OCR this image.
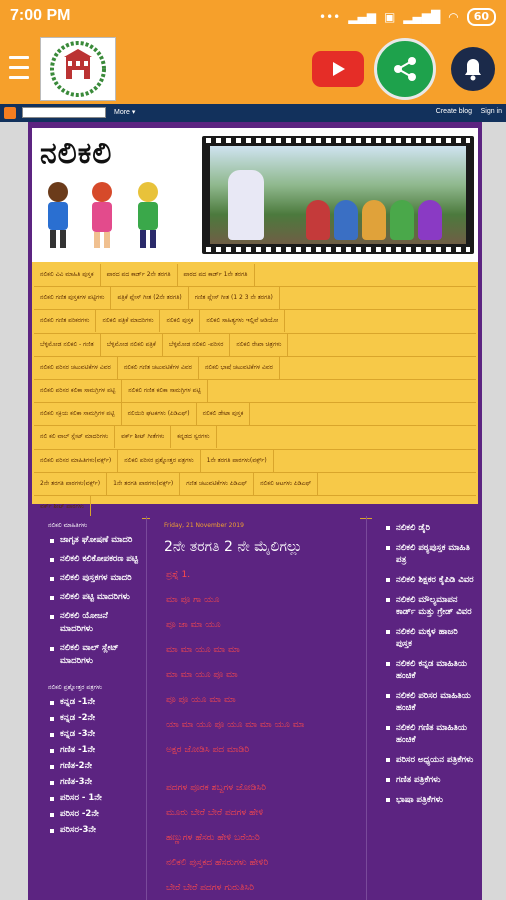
7:00 PM	••• ▂▄▆ ▣ ▂▄▆█ ◠	60
More ▾	Create blog Sign in
ನಲಿಕಲಿ
ನಲಿಕಲಿ ವಿವಿ ಮಾಹಿತಿ ಪುಸ್ತಕ	ಪಾಠದ ಪದ ಕಾರ್ಡ್ 2ನೇ ತರಗತಿ	ಪಾಠದ ಪದ ಕಾರ್ಡ್ 1ನೇ ತರಗತಿ
ನಲಿಕಲಿ ಗಣಿತ ಪುಸ್ತಕಗಳ ಪಟ್ಟಿಗಳು	ಪತ್ರಿಕೆ ಪ್ಲೇಸ್ ಗೀತ (2ನೇ ತರಗತಿ)	ಗಣಿತ ಪ್ಲೇಸ್ ಗೀತ (1 2 3 ನೇ ತರಗತಿ)
ನಲಿಕಲಿ ಗಣಿತ ಪರಿಕರಗಳು	ನಲಿಕಲಿ ಪತ್ರಿಕೆ ಮಾದರಿಗಳು	ನಲಿಕಲಿ ಪುಸ್ತಕ	ನಲಿಕಲಿ ಸಾಹಿತ್ಯಗಳು ಇಲ್ಲಿವೆ ಆಡಿಯೋ
ಬೆಳ್ಳಿಮೋಡ ನಲಿಕಲಿ - ಗಣಿತ	ಬೆಳ್ಳಿಮೋಡ ನಲಿಕಲಿ ಪತ್ರಿಕೆ	ಬೆಳ್ಳಿಮೋಡ ನಲಿಕಲಿ -ಪರಿಸರ	ನಲಿಕಲಿ ರೇಖಾ ಚಿತ್ರಗಳು
ನಲಿಕಲಿ ಪರಿಸರ ಚಟುವಟಿಕೆಗಳ ವಿವರ	ನಲಿಕಲಿ ಗಣಿತ ಚಟುವಟಿಕೆಗಳ ವಿವರ	ನಲಿಕಲಿ ಭಾಷೆ ಚಟುವಟಿಕೆಗಳ ವಿವರ
ನಲಿಕಲಿ ಪರಿಸರ ಕಲಿಕಾ ಸಾಮಗ್ರಿಗಳ ಪಟ್ಟಿ	ನಲಿಕಲಿ ಗಣಿತ ಕಲಿಕಾ ಸಾಮಗ್ರಿಗಳ ಪಟ್ಟಿ
ನಲಿಕಲಿ ಸಕ್ರಿಯ ಕಲಿಕಾ ಸಾಮಗ್ರಿಗಳ ಪಟ್ಟಿ	ನಲಿಯಿರಿ ಘಟಕಗಳು (ಪಿಡಿಎಫ್)	ನಲಿಕಲಿ ಡೇಟಾ ಪುಸ್ತಕ
ನಲಿ ಕಲಿ ವಾಲ್ ಸ್ಲೇಟ್ ಮಾದರಿಗಳು	ವರ್ಕ್ ಶೀಟ್ ಗೀತೆಗಳು	ಕನ್ನಡದ ಸ್ವರಗಳು
ನಲಿಕಲಿ ಪರಿಸರ ಮಾಹಿತಿಗಳು(ವರ್ಕ್ಸ್)	ನಲಿಕಲಿ ಪರಿಸರ ಪ್ರಶ್ನೋತ್ತರ ಪತ್ರಗಳು	1ನೇ ತರಗತಿ ಪಾಠಗಳು(ವರ್ಕ್ಸ್)
2ನೇ ತರಗತಿ ಪಾಠಗಳು(ವರ್ಕ್ಸ್)	1ನೇ ತರಗತಿ ಪಾಠಗಳು(ವರ್ಕ್ಸ್)	ಗಣಿತ ಚಟುವಟಿಕೆಗಳು ಪಿಡಿಎಫ್	ನಲಿಕಲಿ ಆಟಗಳು ಪಿಡಿಎಫ್
ವರ್ಕ್ ಶೀಟ್ ಪಾಠಗಳು
ನಲಿಕಲಿ ಮಾಹಿತಿಗಳು
ಜಾಗೃತ ಘೋಷಣೆ ಮಾದರಿ
ನಲಿಕಲಿ ಕಲಿಕೋಪಕರಣ ಪಟ್ಟಿ
ನಲಿಕಲಿ ಪುಸ್ತಕಗಳ ಮಾದರಿ
ನಲಿಕಲಿ ಪಟ್ಟಿ ಮಾದರಿಗಳು
ನಲಿಕಲಿ ಯೋಜನೆ ಮಾದರಿಗಳು
ನಲಿಕಲಿ ವಾಲ್ ಸ್ಲೇಟ್ ಮಾದರಿಗಳು
ನಲಿಕಲಿ ಪ್ರಶ್ನೋತ್ತರ ಪತ್ರಗಳು
ಕನ್ನಡ -1ನೇ
ಕನ್ನಡ -2ನೇ
ಕನ್ನಡ -3ನೇ
ಗಣಿತ -1ನೇ
ಗಣಿತ-2ನೇ
ಗಣಿತ-3ನೇ
ಪರಿಸರ - 1ನೇ
ಪರಿಸರ -2ನೇ
ಪರಿಸರ-3ನೇ
Friday, 21 November 2019
2ನೇ ತರಗತಿ 2 ನೇ ಮೈಲಿಗಲ್ಲು
ಪ್ರಶ್ನೆ 1.
ಮಾ ಪೂ ಗಾ ಯೂ
ಪೂ ಜಾ ಮಾ ಯೂ
ಮಾ ಮಾ ಯೂ ಮಾ ಮಾ
ಮಾ ಮಾ ಯೂ ಪೂ ಮಾ
ಪೂ ಪೂ ಯೂ ಮಾ ಮಾ
ಯಾ ಮಾ ಯೂ ಪೂ ಯೂ ಮಾ ಮಾ ಯೂ ಮಾ
ಅಕ್ಷರ ಜೋಡಿಸಿ ಪದ ಮಾಡಿರಿ
ಪದಗಳ ಪೂರಕ ಶಬ್ದಗಳ ಜೋಡಿಸಿರಿ
ಮೂರು ಬೇರೆ ಬೇರೆ ಪದಗಳ ಹೇಳಿ
ಹಣ್ಣುಗಳ ಹೆಸರು ಹೇಳಿ ಬರೆಯಿರಿ
ನಲಿಕಲಿ ಪುಸ್ತಕದ ಹೆಸರುಗಳು ಹೇಳಿರಿ
ಬೇರೆ ಬೇರೆ ಪದಗಳ ಗುರುತಿಸಿರಿ
ನಲಿಕಲಿ ಡೈರಿ
ನಲಿಕಲಿ ಪಠ್ಯಪುಸ್ತಕ ಮಾಹಿತಿ ಪತ್ರ
ನಲಿಕಲಿ ಶಿಕ್ಷಕರ ಕೈಪಿಡಿ ವಿವರ
ನಲಿಕಲಿ ಮೌಲ್ಯಮಾಪನ ಕಾರ್ಡ್ ಮತ್ತು ಗ್ರೇಡ್ ವಿವರ
ನಲಿಕಲಿ ಮಕ್ಕಳ ಹಾಜರಿ ಪುಸ್ತಕ
ನಲಿಕಲಿ ಕನ್ನಡ ಮಾಹಿತಿಯ ಹಂಚಿಕೆ
ನಲಿಕಲಿ ಪರಿಸರ ಮಾಹಿತಿಯ ಹಂಚಿಕೆ
ನಲಿಕಲಿ ಗಣಿತ ಮಾಹಿತಿಯ ಹಂಚಿಕೆ
ಪರಿಸರ ಅಧ್ಯಯನ ಪತ್ರಿಕೆಗಳು
ಗಣಿತ ಪತ್ರಿಕೆಗಳು
ಭಾಷಾ ಪತ್ರಿಕೆಗಳು
